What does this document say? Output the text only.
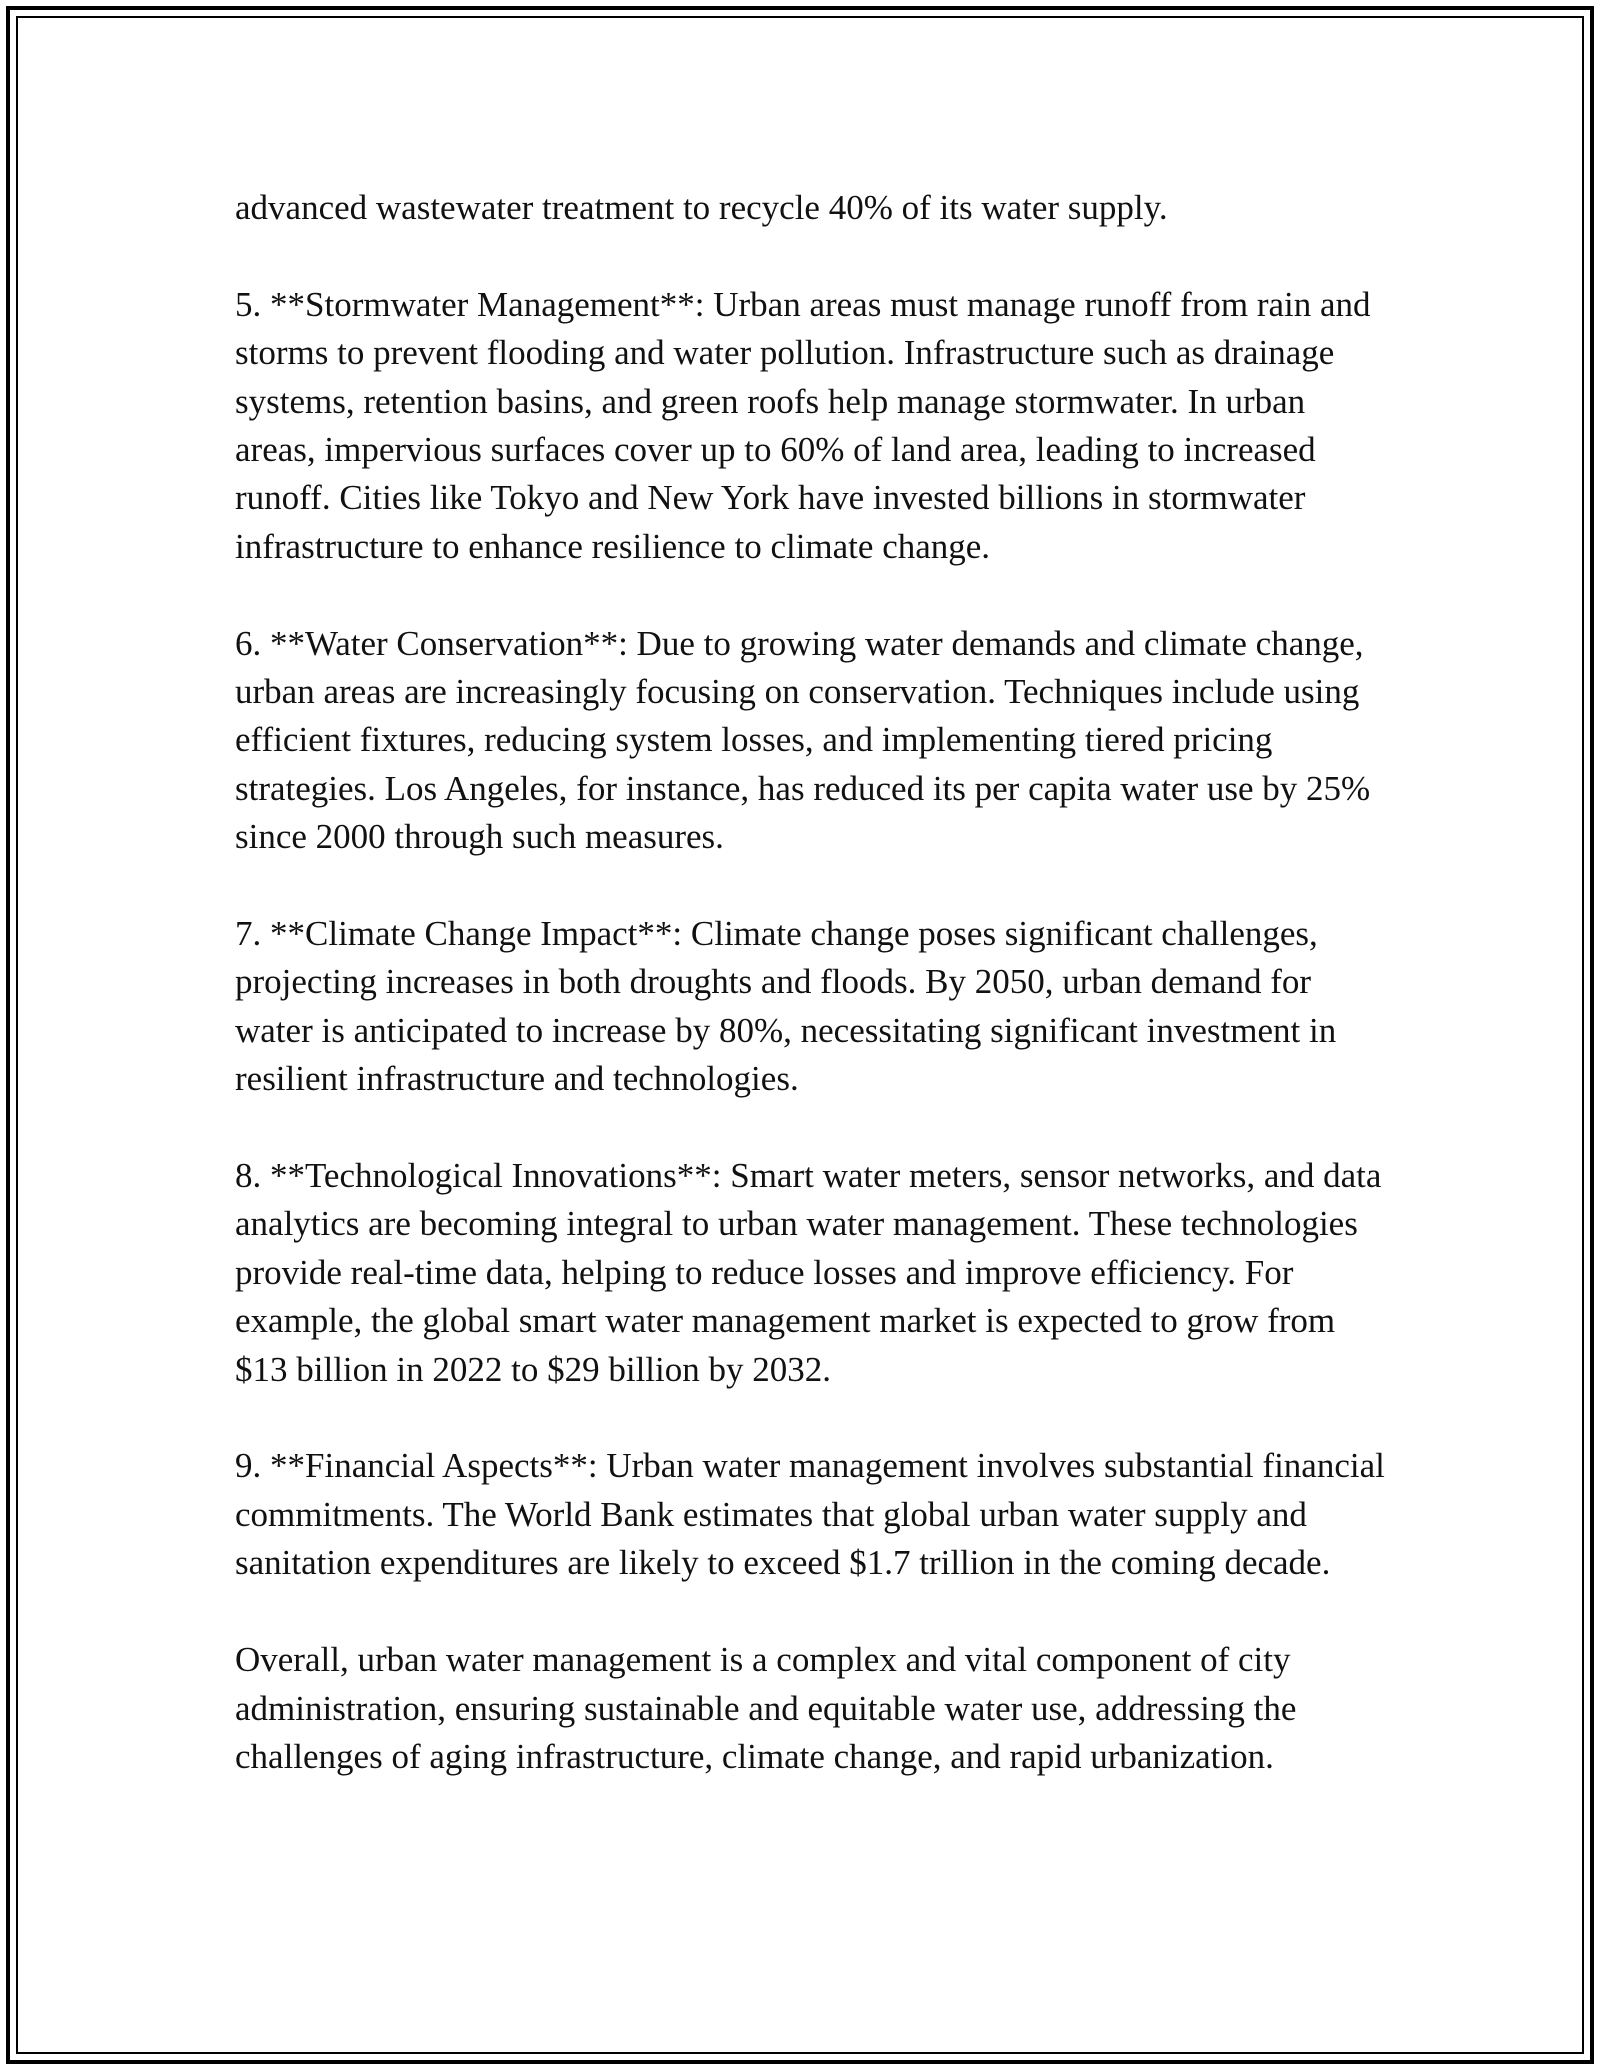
advanced wastewater treatment to recycle 40% of its water supply.

5. **Stormwater Management**: Urban areas must manage runoff from rain and storms to prevent flooding and water pollution. Infrastructure such as drainage systems, retention basins, and green roofs help manage stormwater. In urban areas, impervious surfaces cover up to 60% of land area, leading to increased runoff. Cities like Tokyo and New York have invested billions in stormwater infrastructure to enhance resilience to climate change.

6. **Water Conservation**: Due to growing water demands and climate change, urban areas are increasingly focusing on conservation. Techniques include using efficient fixtures, reducing system losses, and implementing tiered pricing strategies. Los Angeles, for instance, has reduced its per capita water use by 25% since 2000 through such measures.

7. **Climate Change Impact**: Climate change poses significant challenges, projecting increases in both droughts and floods. By 2050, urban demand for water is anticipated to increase by 80%, necessitating significant investment in resilient infrastructure and technologies.

8. **Technological Innovations**: Smart water meters, sensor networks, and data analytics are becoming integral to urban water management. These technologies provide real-time data, helping to reduce losses and improve efficiency. For example, the global smart water management market is expected to grow from $13 billion in 2022 to $29 billion by 2032.

9. **Financial Aspects**: Urban water management involves substantial financial commitments. The World Bank estimates that global urban water supply and sanitation expenditures are likely to exceed $1.7 trillion in the coming decade.

Overall, urban water management is a complex and vital component of city administration, ensuring sustainable and equitable water use, addressing the challenges of aging infrastructure, climate change, and rapid urbanization.
